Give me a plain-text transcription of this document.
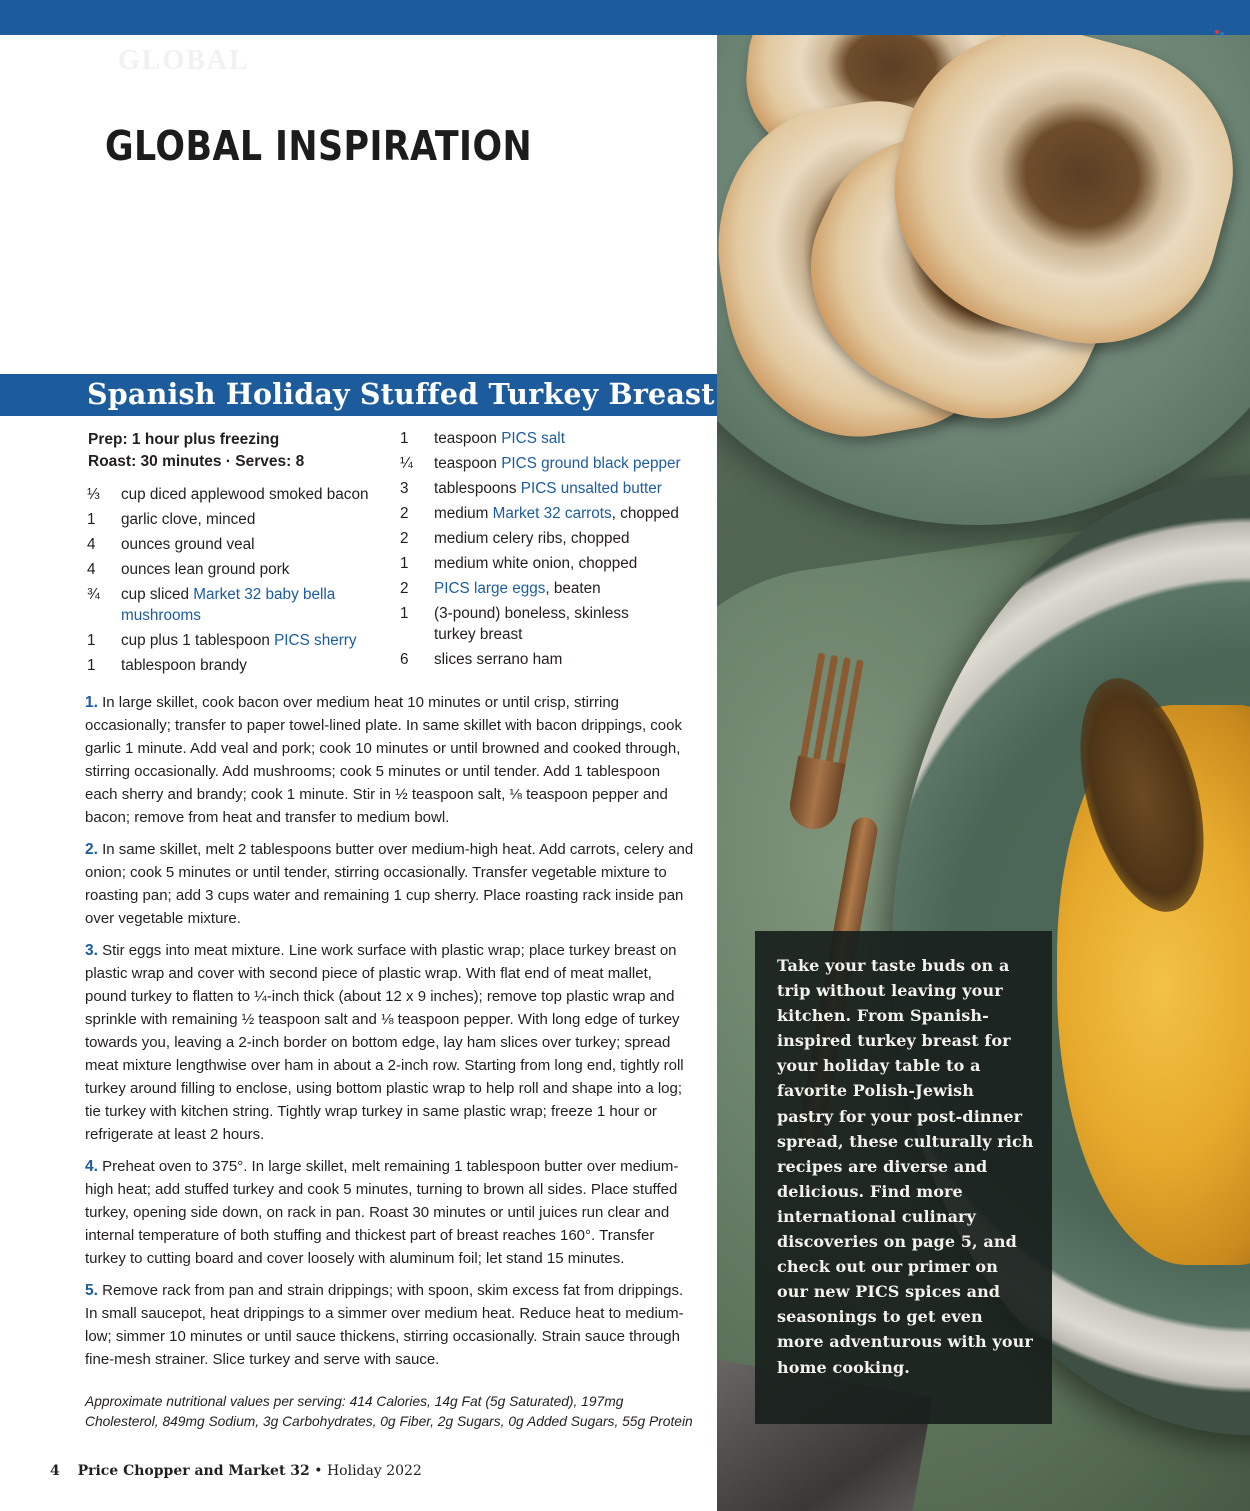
GLOBAL
GLOBAL INSPIRATION
Spanish Holiday Stuffed Turkey Breast
Prep: 1 hour plus freezing
Roast: 30 minutes · Serves: 8
⅓	cup diced applewood smoked bacon
1	garlic clove, minced
4	ounces ground veal
4	ounces lean ground pork
¾	cup sliced Market 32 baby bella mushrooms
1	cup plus 1 tablespoon PICS sherry
1	tablespoon brandy
1	teaspoon PICS salt
¼	teaspoon PICS ground black pepper
3	tablespoons PICS unsalted butter
2	medium Market 32 carrots, chopped
2	medium celery ribs, chopped
1	medium white onion, chopped
2	PICS large eggs, beaten
1	(3-pound) boneless, skinless turkey breast
6	slices serrano ham

1. In large skillet, cook bacon over medium heat 10 minutes or until crisp, stirring occasionally; transfer to paper towel-lined plate. In same skillet with bacon drippings, cook garlic 1 minute. Add veal and pork; cook 10 minutes or until browned and cooked through, stirring occasionally. Add mushrooms; cook 5 minutes or until tender. Add 1 tablespoon each sherry and brandy; cook 1 minute. Stir in ½ teaspoon salt, ⅛ teaspoon pepper and bacon; remove from heat and transfer to medium bowl.

2. In same skillet, melt 2 tablespoons butter over medium-high heat. Add carrots, celery and onion; cook 5 minutes or until tender, stirring occasionally. Transfer vegetable mixture to roasting pan; add 3 cups water and remaining 1 cup sherry. Place roasting rack inside pan over vegetable mixture.

3. Stir eggs into meat mixture. Line work surface with plastic wrap; place turkey breast on plastic wrap and cover with second piece of plastic wrap. With flat end of meat mallet, pound turkey to flatten to ¼-inch thick (about 12 x 9 inches); remove top plastic wrap and sprinkle with remaining ½ teaspoon salt and ⅛ teaspoon pepper. With long edge of turkey towards you, leaving a 2-inch border on bottom edge, lay ham slices over turkey; spread meat mixture lengthwise over ham in about a 2-inch row. Starting from long end, tightly roll turkey around filling to enclose, using bottom plastic wrap to help roll and shape into a log; tie turkey with kitchen string. Tightly wrap turkey in same plastic wrap; freeze 1 hour or refrigerate at least 2 hours.

4. Preheat oven to 375°. In large skillet, melt remaining 1 tablespoon butter over medium-high heat; add stuffed turkey and cook 5 minutes, turning to brown all sides. Place stuffed turkey, opening side down, on rack in pan. Roast 30 minutes or until juices run clear and internal temperature of both stuffing and thickest part of breast reaches 160°. Transfer turkey to cutting board and cover loosely with aluminum foil; let stand 15 minutes.

5. Remove rack from pan and strain drippings; with spoon, skim excess fat from drippings. In small saucepot, heat drippings to a simmer over medium heat. Reduce heat to medium-low; simmer 10 minutes or until sauce thickens, stirring occasionally. Strain sauce through fine-mesh strainer. Slice turkey and serve with sauce.

Approximate nutritional values per serving: 414 Calories, 14g Fat (5g Saturated), 197mg Cholesterol, 849mg Sodium, 3g Carbohydrates, 0g Fiber, 2g Sugars, 0g Added Sugars, 55g Protein

Take your taste buds on a trip without leaving your kitchen. From Spanish-inspired turkey breast for your holiday table to a favorite Polish-Jewish pastry for your post-dinner spread, these culturally rich recipes are diverse and delicious. Find more international culinary discoveries on page 5, and check out our primer on our new PICS spices and seasonings to get even more adventurous with your home cooking.

4 Price Chopper and Market 32 • Holiday 2022
